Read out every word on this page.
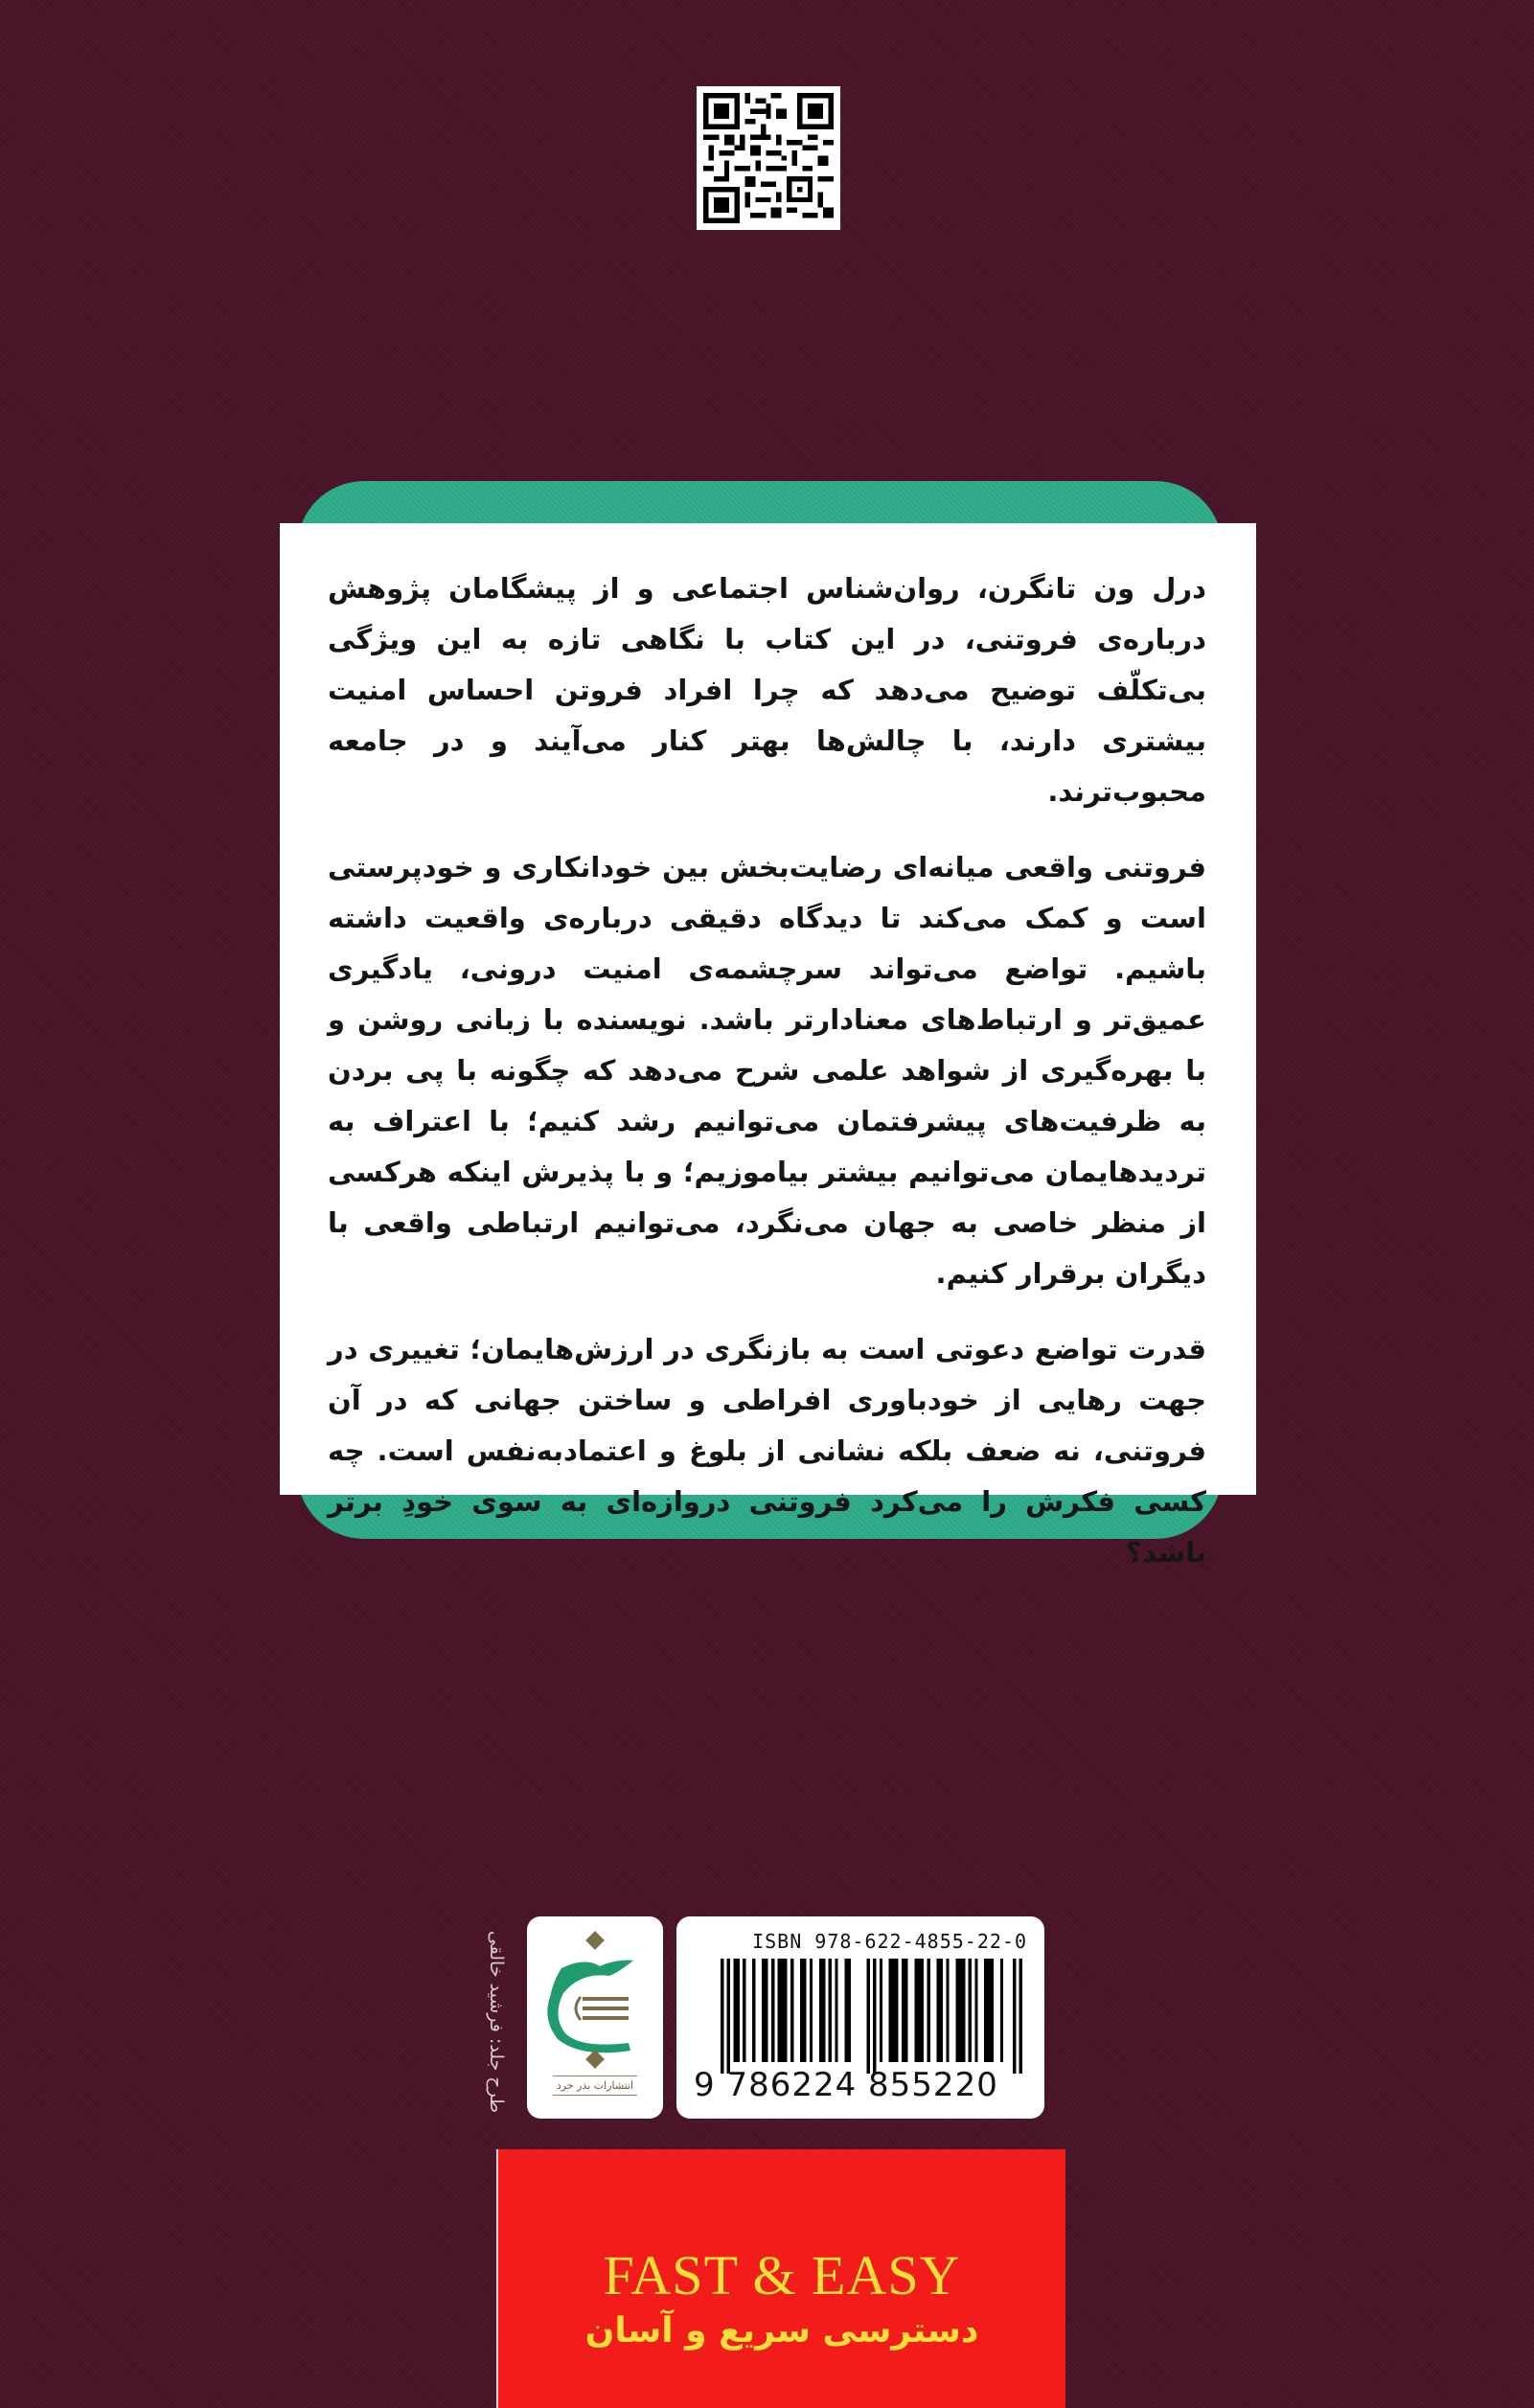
درل ون تانگرن، روان‌شناس اجتماعی و از پیشگامان پژوهش درباره‌ی فروتنی، در این کتاب با نگاهی تازه به این ویژگی بی‌تکلّف توضیح می‌دهد که چرا افراد فروتن احساس امنیت بیشتری دارند، با چالش‌ها بهتر کنار می‌آیند و در جامعه محبوب‌ترند.

فروتنی واقعی میانه‌ای رضایت‌بخش بین خودانکاری و خودپرستی است و کمک می‌کند تا دیدگاه دقیقی درباره‌ی واقعیت داشته باشیم. تواضع می‌تواند سرچشمه‌ی امنیت درونی، یادگیری عمیق‌تر و ارتباط‌های معنادارتر باشد. نویسنده با زبانی روشن و با بهره‌گیری از شواهد علمی شرح می‌دهد که چگونه با پی بردن به ظرفیت‌های پیشرفتمان می‌توانیم رشد کنیم؛ با اعتراف به تردیدهایمان می‌توانیم بیشتر بیاموزیم؛ و با پذیرش اینکه هرکسی از منظر خاصی به جهان می‌نگرد، می‌توانیم ارتباطی واقعی با دیگران برقرار کنیم.

قدرت تواضع دعوتی است به بازنگری در ارزش‌هایمان؛ تغییری در جهت رهایی از خودباوری افراطی و ساختن جهانی که در آن فروتنی، نه ضعف بلکه نشانی از بلوغ و اعتمادبه‌نفس است. چه کسی فکرش را می‌کرد فروتنی دروازه‌ای به سوی خودِ برتر باشد؟

طرح جلد: فرشید خالقی	انتشارات بذر خرد
ISBN 978-622-4855-22-0
9 786224 855220
FAST & EASY
دسترسی سریع و آسان
